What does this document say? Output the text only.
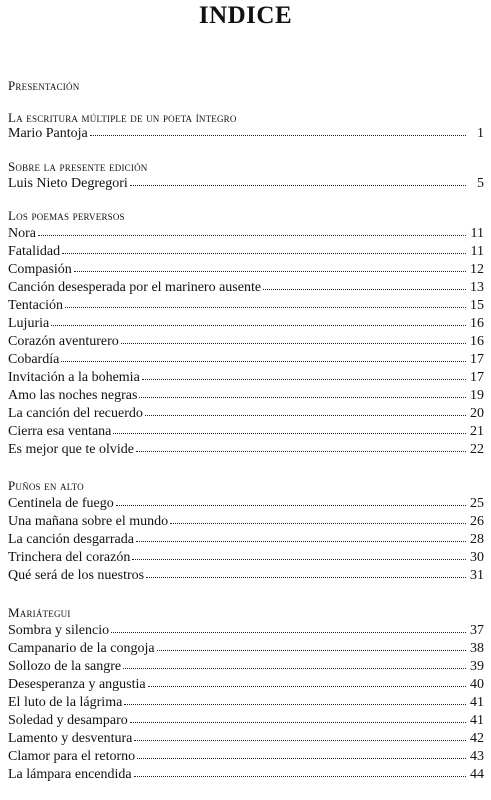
INDICE
Presentación
La escritura múltiple de un poeta íntegro
Mario Pantoja	1
Sobre la presente edición
Luis Nieto Degregori	5
Los poemas perversos
Nora	11
Fatalidad	11
Compasión	12
Canción desesperada por el marinero ausente	13
Tentación	15
Lujuria	16
Corazón aventurero	16
Cobardía	17
Invitación a la bohemia	17
Amo las noches negras	19
La canción del recuerdo	20
Cierra esa ventana	21
Es mejor que te olvide	22
Puños en alto
Centinela de fuego	25
Una mañana sobre el mundo	26
La canción desgarrada	28
Trinchera del corazón	30
Qué será de los nuestros	31
Mariátegui
Sombra y silencio	37
Campanario de la congoja	38
Sollozo de la sangre	39
Desesperanza y angustia	40
El luto de la lágrima	41
Soledad y desamparo	41
Lamento y desventura	42
Clamor para el retorno	43
La lámpara encendida	44
